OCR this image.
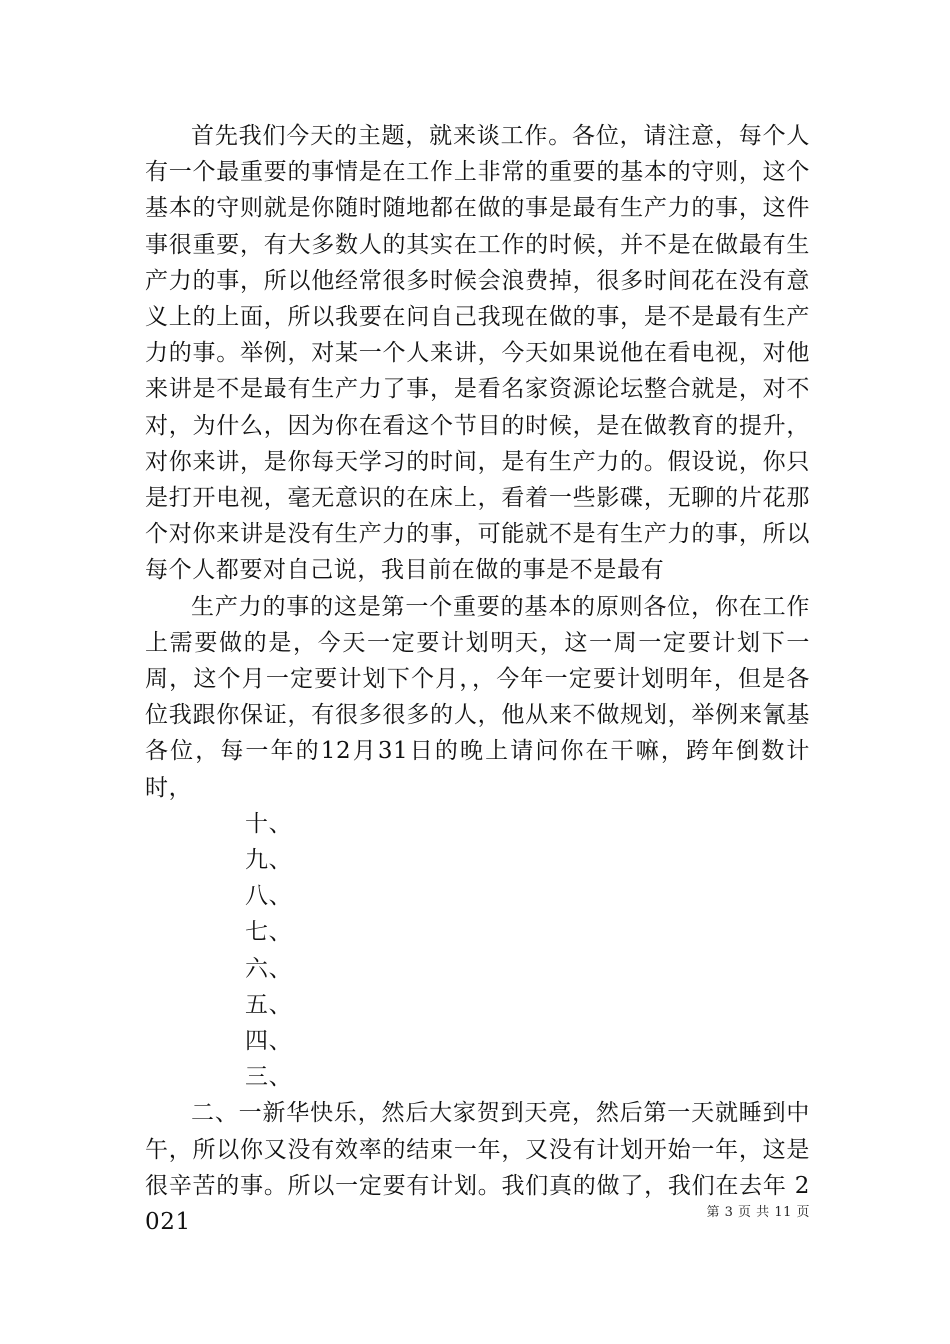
首先我们今天的主题，就来谈工作。各位，请注意，每个人有一个最重要的事情是在工作上非常的重要的基本的守则，这个基本的守则就是你随时随地都在做的事是最有生产力的事，这件事很重要，有大多数人的其实在工作的时候，并不是在做最有生产力的事，所以他经常很多时候会浪费掉，很多时间花在没有意义上的上面，所以我要在问自己我现在做的事，是不是最有生产力的事。举例，对某一个人来讲，今天如果说他在看电视，对他来讲是不是最有生产力了事，是看名家资源论坛整合就是，对不对，为什么，因为你在看这个节目的时候，是在做教育的提升，对你来讲，是你每天学习的时间，是有生产力的。假设说，你只是打开电视，毫无意识的在床上，看着一些影碟，无聊的片花那个对你来讲是没有生产力的事，可能就不是有生产力的事，所以每个人都要对自己说，我目前在做的事是不是最有

生产力的事的这是第一个重要的基本的原则各位，你在工作上需要做的是，今天一定要计划明天，这一周一定要计划下一周，这个月一定要计划下个月，，今年一定要计划明年，但是各位我跟你保证，有很多很多的人，他从来不做规划，举例来氰基各位，每一年的12月31日的晚上请问你在干嘛，跨年倒数计时，

十、

九、

八、

七、

六、

五、

四、

三、

二、一新华快乐，然后大家贺到天亮，然后第一天就睡到中午，所以你又没有效率的结束一年，又没有计划开始一年，这是很辛苦的事。所以一定要有计划。我们真的做了，我们在去年 2021	第 3 页 共 11 页
